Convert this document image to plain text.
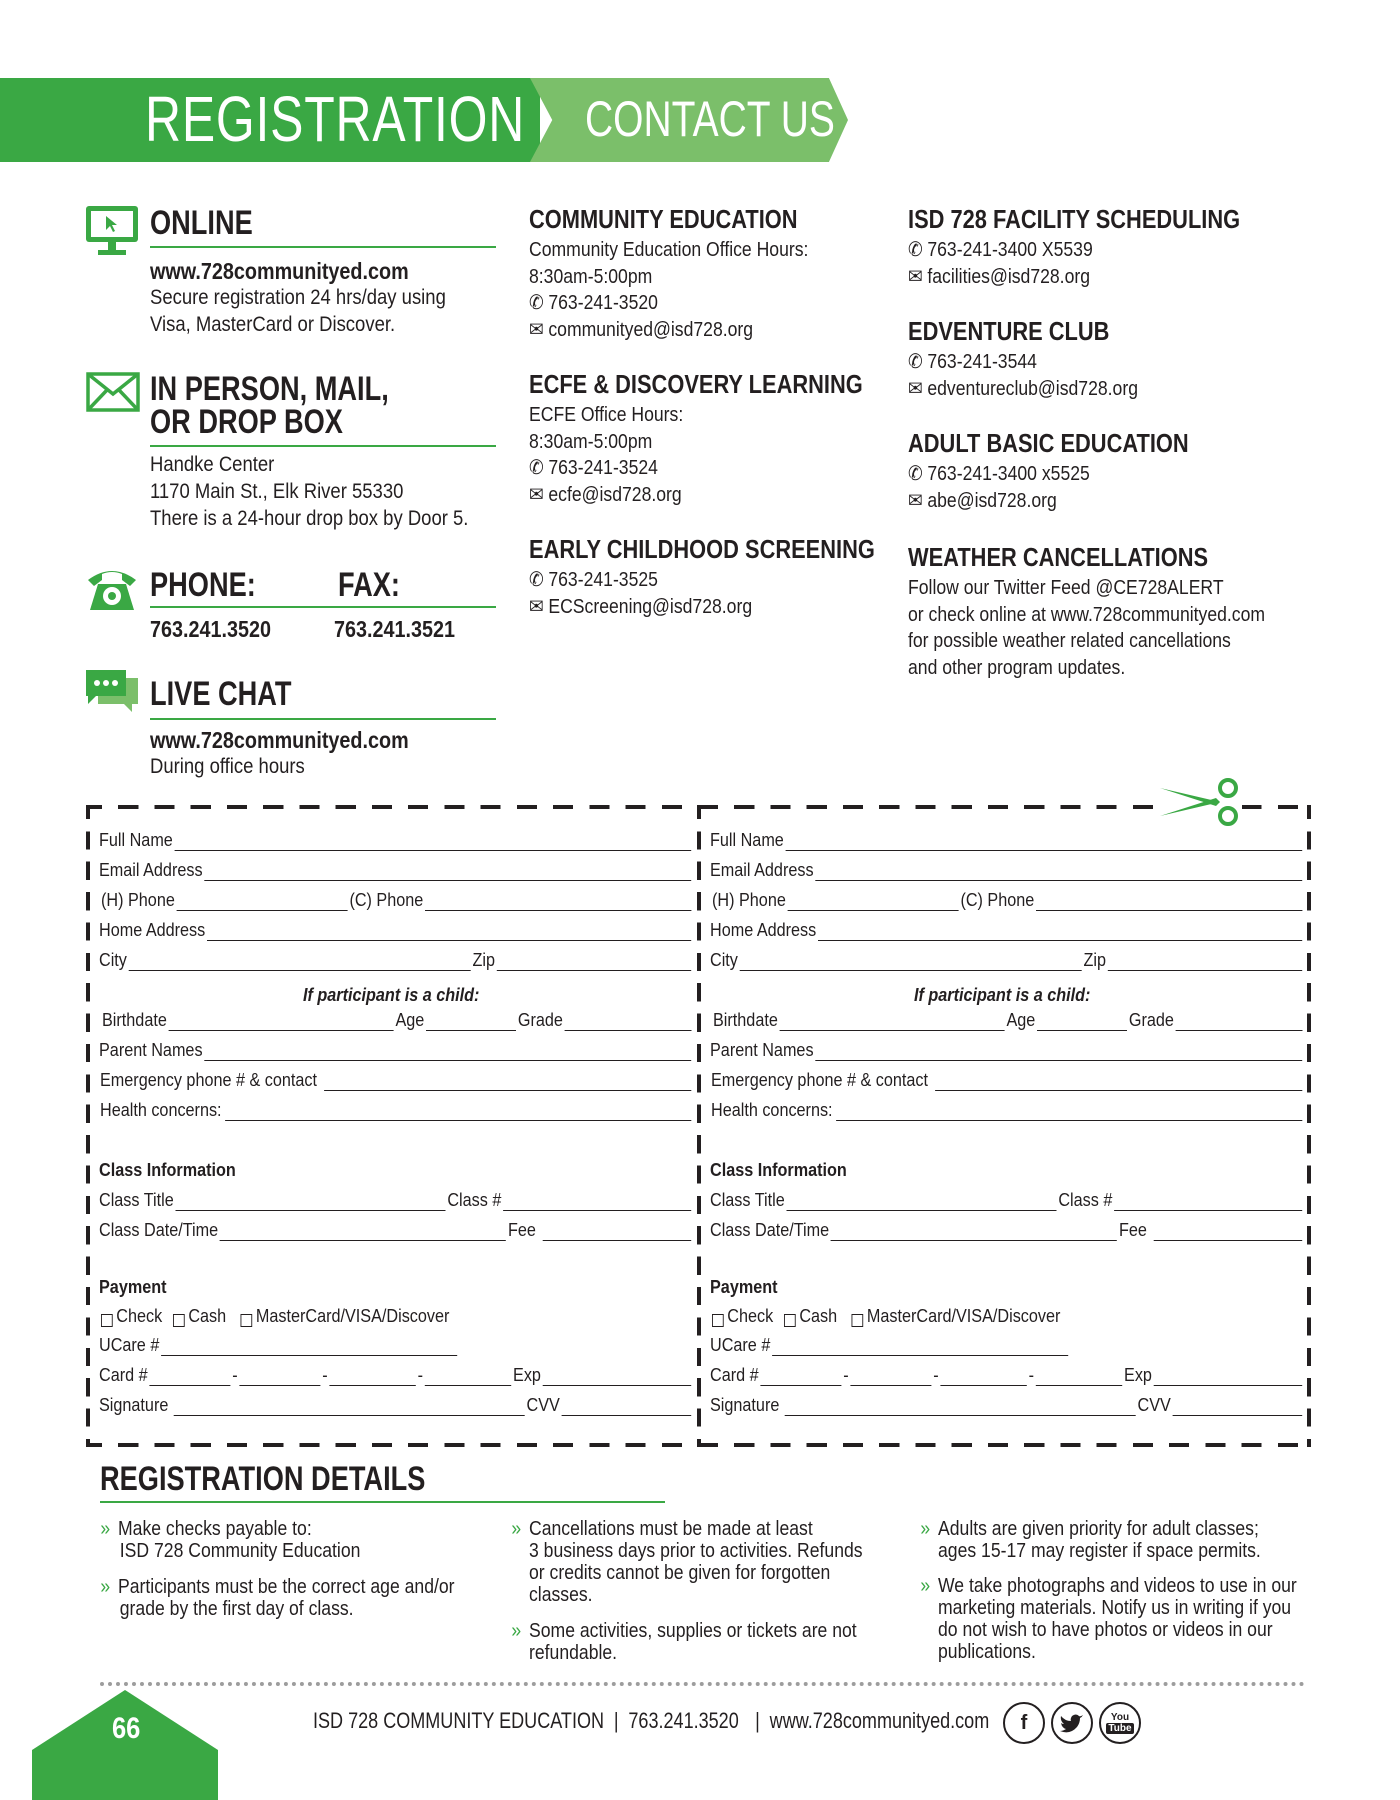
REGISTRATION CONTACT US
ONLINE
www.728communityed.com
Secure registration 24 hrs/day using
Visa, MasterCard or Discover.
IN PERSON, MAIL,
OR DROP BOX
Handke Center
1170 Main St., Elk River 55330
There is a 24-hour drop box by Door 5.
PHONE: FAX:
763.241.3520	763.241.3521
LIVE CHAT
www.728communityed.com
During office hours
COMMUNITY EDUCATION
Community Education Office Hours:
8:30am-5:00pm
✆ 763-241-3520
✉ communityed@isd728.org
ECFE & DISCOVERY LEARNING
ECFE Office Hours:
8:30am-5:00pm
✆ 763-241-3524
✉ ecfe@isd728.org
EARLY CHILDHOOD SCREENING
✆ 763-241-3525
✉ ECScreening@isd728.org
ISD 728 FACILITY SCHEDULING
✆ 763-241-3400 X5539
✉ facilities@isd728.org
EDVENTURE CLUB
✆ 763-241-3544
✉ edventureclub@isd728.org
ADULT BASIC EDUCATION
✆ 763-241-3400 x5525
✉ abe@isd728.org
WEATHER CANCELLATIONS
Follow our Twitter Feed @CE728ALERT
or check online at www.728communityed.com
for possible weather related cancellations
and other program updates.
Full Name
Email Address
(H) Phone	(C) Phone
Home Address
City	Zip
If participant is a child:
Birthdate	Age	Grade
Parent Names
Emergency phone # & contact
Health concerns:
Class Information
Class Title	Class #
Class Date/Time	Fee
Payment
Check Cash MasterCard/VISA/Discover
UCare #
Card #	-	-	-	Exp
Signature	CVV
Full Name
Email Address
(H) Phone	(C) Phone
Home Address
City	Zip
If participant is a child:
Birthdate	Age	Grade
Parent Names
Emergency phone # & contact
Health concerns:
Class Information
Class Title	Class #
Class Date/Time	Fee
Payment
Check Cash MasterCard/VISA/Discover
UCare #
Card #	-	-	-	Exp
Signature	CVV
REGISTRATION DETAILS
» Make checks payable to:
ISD 728 Community Education
» Participants must be the correct age and/or
grade by the first day of class.
» Cancellations must be made at least
3 business days prior to activities. Refunds
or credits cannot be given for forgotten
classes.
» Some activities, supplies or tickets are not
refundable.
» Adults are given priority for adult classes;
ages 15-17 may register if space permits.
» We take photographs and videos to use in our
marketing materials. Notify us in writing if you
do not wish to have photos or videos in our
publications.
66	ISD 728 COMMUNITY EDUCATION | 763.241.3520 | www.728communityed.com	f	You
Tube
